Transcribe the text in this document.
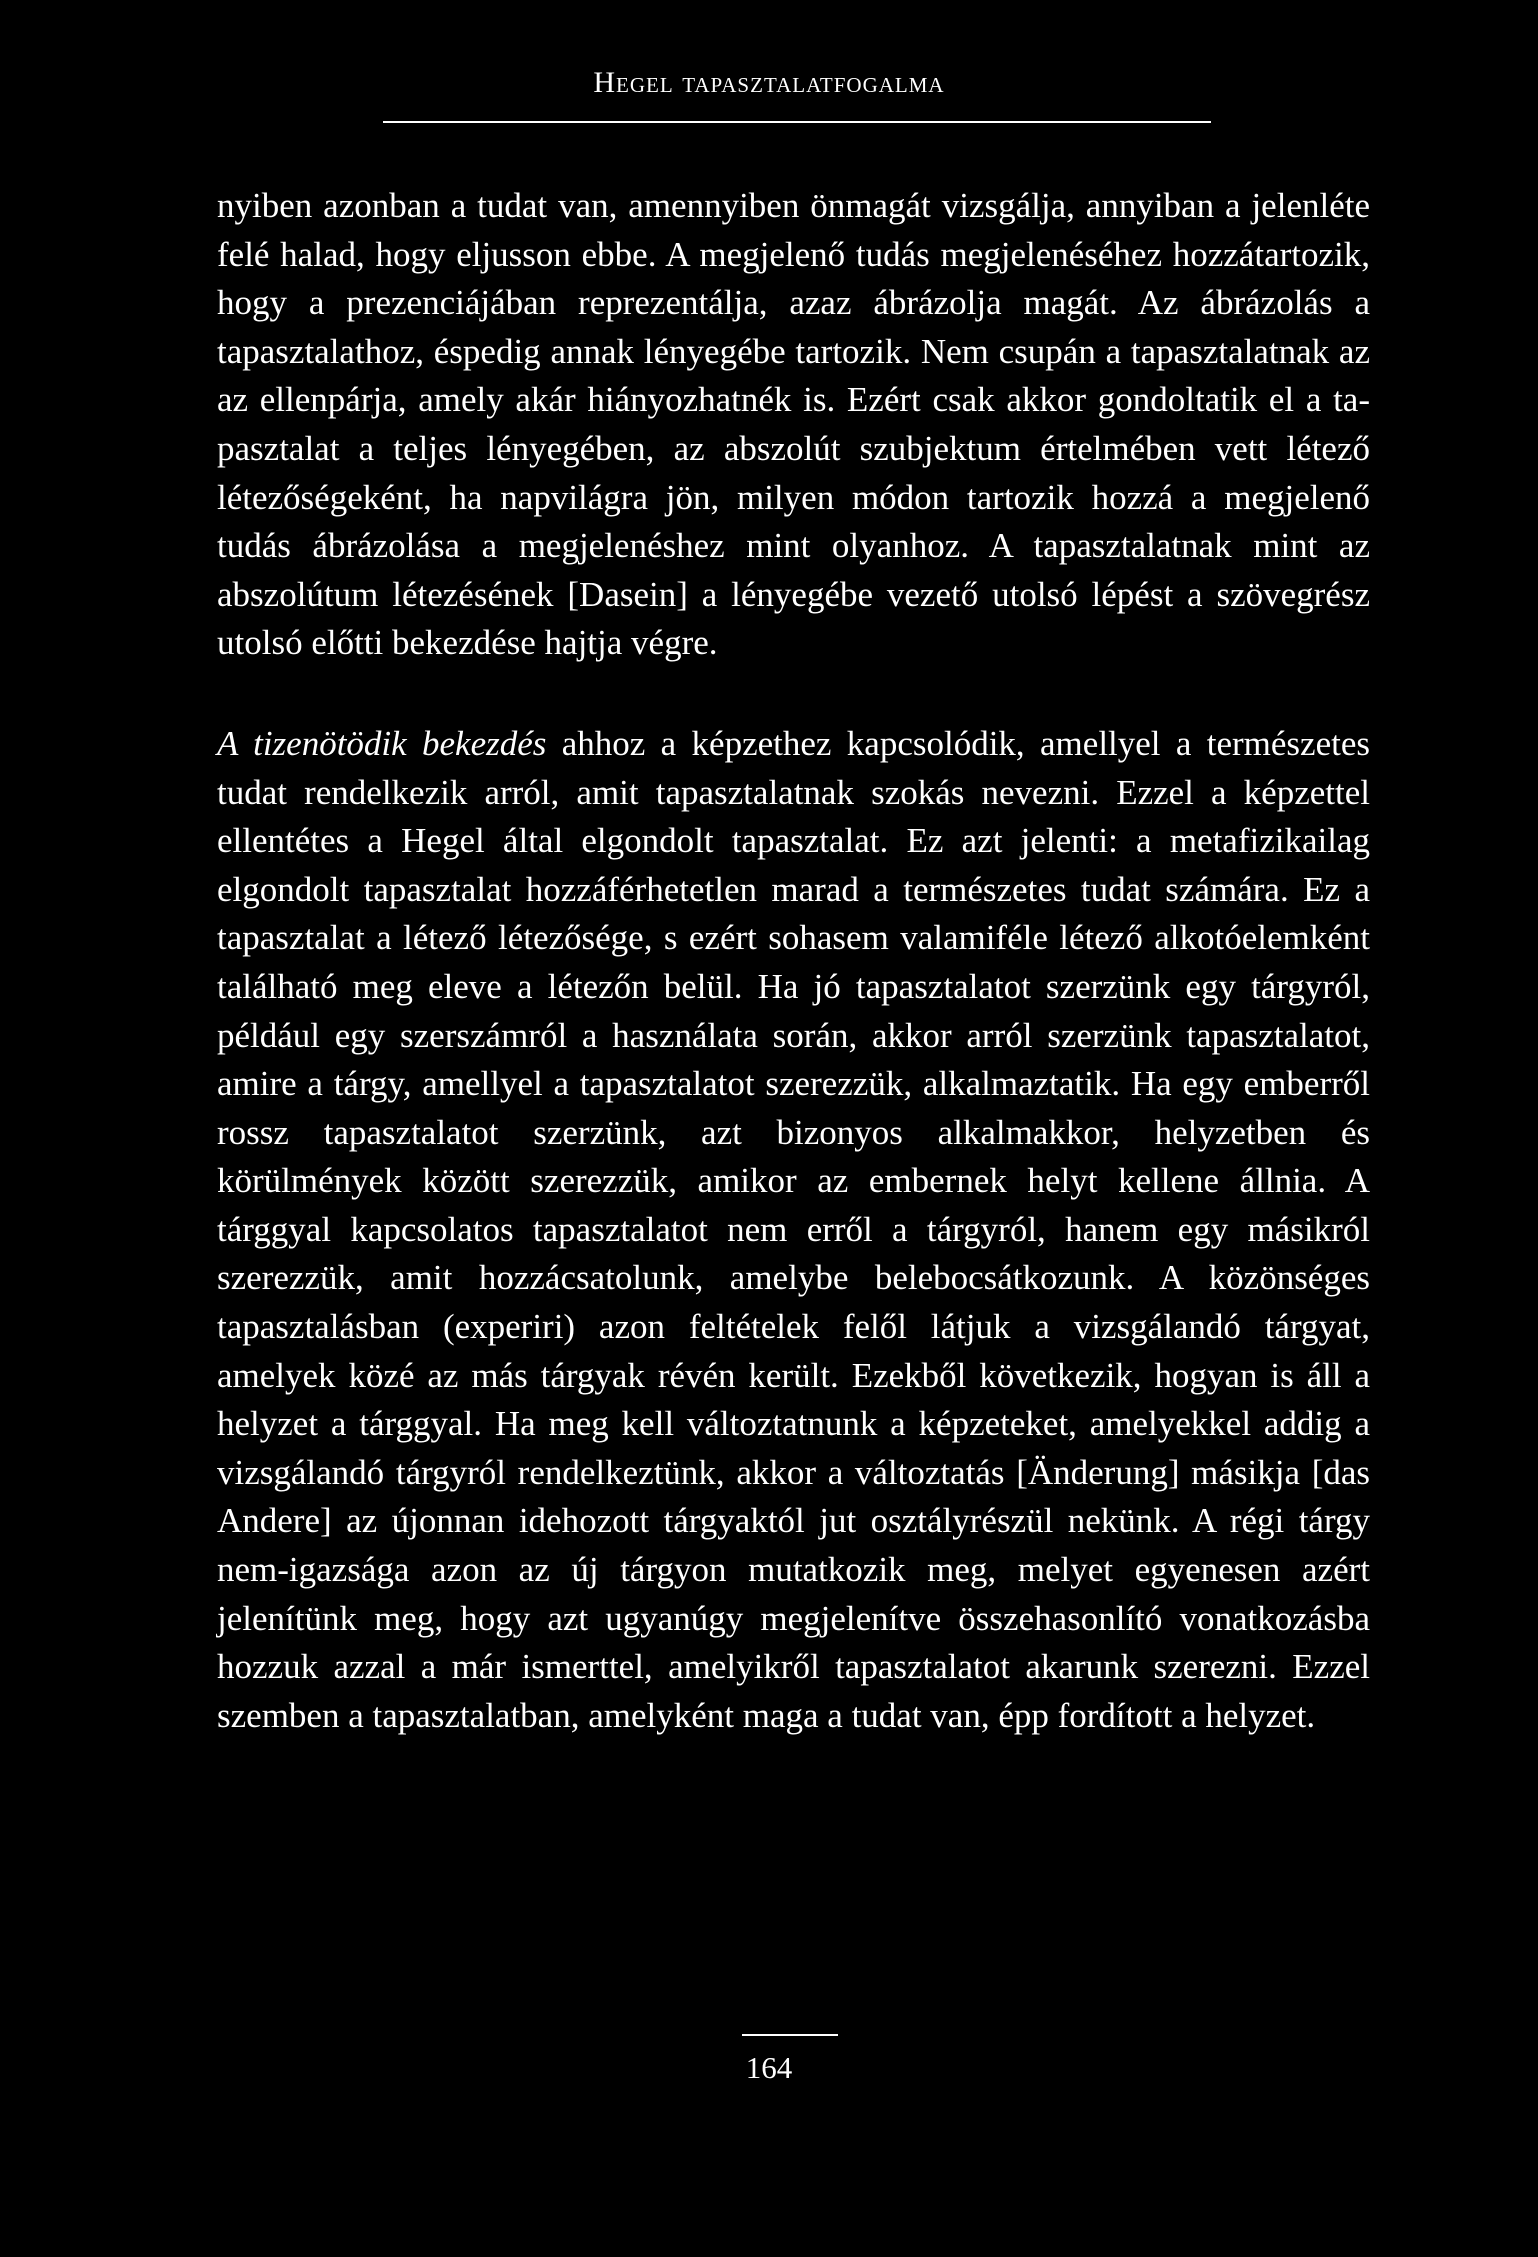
Hegel tapasztalatfogalma

nyiben azonban a tudat van, amennyiben önmagát vizsgálja, annyiban a jelenléte felé halad, hogy eljusson ebbe. A megjelenő tudás megjelenéséhez hozzátartozik, hogy a prezenciájában reprezentálja, azaz ábrázolja magát. Az ábrázolás a tapasztalathoz, éspedig annak lényegébe tartozik. Nem csupán a tapasztalatnak az az ellenpárja, amely akár hiányozhatnék is. Ezért csak akkor gondoltatik el a tapasztalat a teljes lényegében, az abszolút szubjektum értelmében vett létező létezőségeként, ha napvilágra jön, milyen módon tartozik hozzá a megjelenő tudás ábrázolása a megjelenéshez mint olyanhoz. A tapasztalatnak mint az abszolútum létezésének [Dasein] a lényegébe vezető utolsó lépést a szövegrész utolsó előtti bekezdése hajtja végre.

A tizenötödik bekezdés ahhoz a képzethez kapcsolódik, amellyel a természetes tudat rendelkezik arról, amit tapasztalatnak szokás nevezni. Ezzel a képzettel ellentétes a Hegel által elgondolt tapasztalat. Ez azt jelenti: a metafizikailag elgondolt tapasztalat hozzáférhetetlen marad a természetes tudat számára. Ez a tapasztalat a létező létezősége, s ezért sohasem valamiféle létező alkotóelemként található meg eleve a létezőn belül. Ha jó tapasztalatot szerzünk egy tárgyról, például egy szerszámról a használata során, akkor arról szerzünk tapasztalatot, amire a tárgy, amellyel a tapasztalatot szerezzük, alkalmaztatik. Ha egy emberről rossz tapasztalatot szerzünk, azt bizonyos alkalmakkor, helyzetben és körülmények között szerezzük, amikor az embernek helyt kellene állnia. A tárggyal kapcsolatos tapasztalatot nem erről a tárgyról, hanem egy másikról szerezzük, amit hozzácsatolunk, amelybe belebocsátkozunk. A közönséges tapasztalásban (experiri) azon feltételek felől látjuk a vizsgálandó tárgyat, amelyek közé az más tárgyak révén került. Ezekből következik, hogyan is áll a helyzet a tárggyal. Ha meg kell változtatnunk a képzeteket, amelyekkel addig a vizsgálandó tárgyról rendelkeztünk, akkor a változtatás [Änderung] másikja [das Andere] az újonnan idehozott tárgyaktól jut osztályrészül nekünk. A régi tárgy nem-igazsága azon az új tárgyon mutatkozik meg, melyet egyenesen azért jelenítünk meg, hogy azt ugyanúgy megjelenítve összehasonlító vonatkozásba hozzuk azzal a már ismerttel, amelyikről tapasztalatot akarunk szerezni. Ezzel szemben a tapasztalatban, amelyként maga a tudat van, épp fordított a helyzet.

164
